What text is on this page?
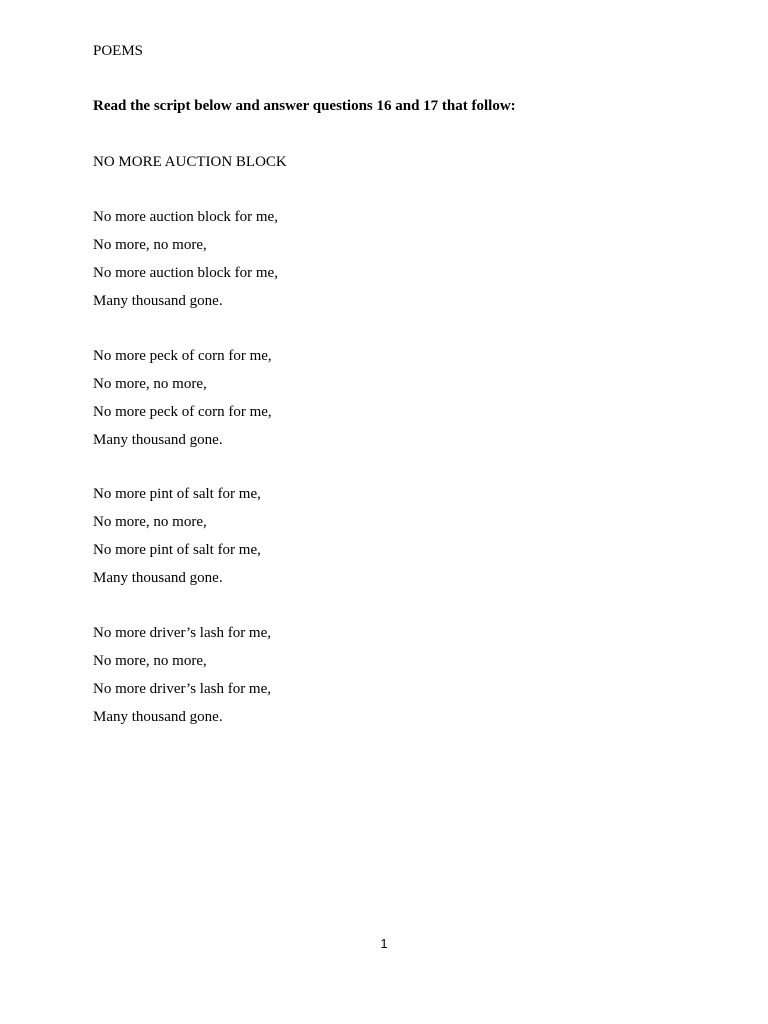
POEMS
Read the script below and answer questions 16 and 17 that follow:
NO MORE AUCTION BLOCK
No more auction block for me,
No more, no more,
No more auction block for me,
Many thousand gone.
No more peck of corn for me,
No more, no more,
No more peck of corn for me,
Many thousand gone.
No more pint of salt for me,
No more, no more,
No more pint of salt for me,
Many thousand gone.
No more driver’s lash for me,
No more, no more,
No more driver’s lash for me,
Many thousand gone.
1
